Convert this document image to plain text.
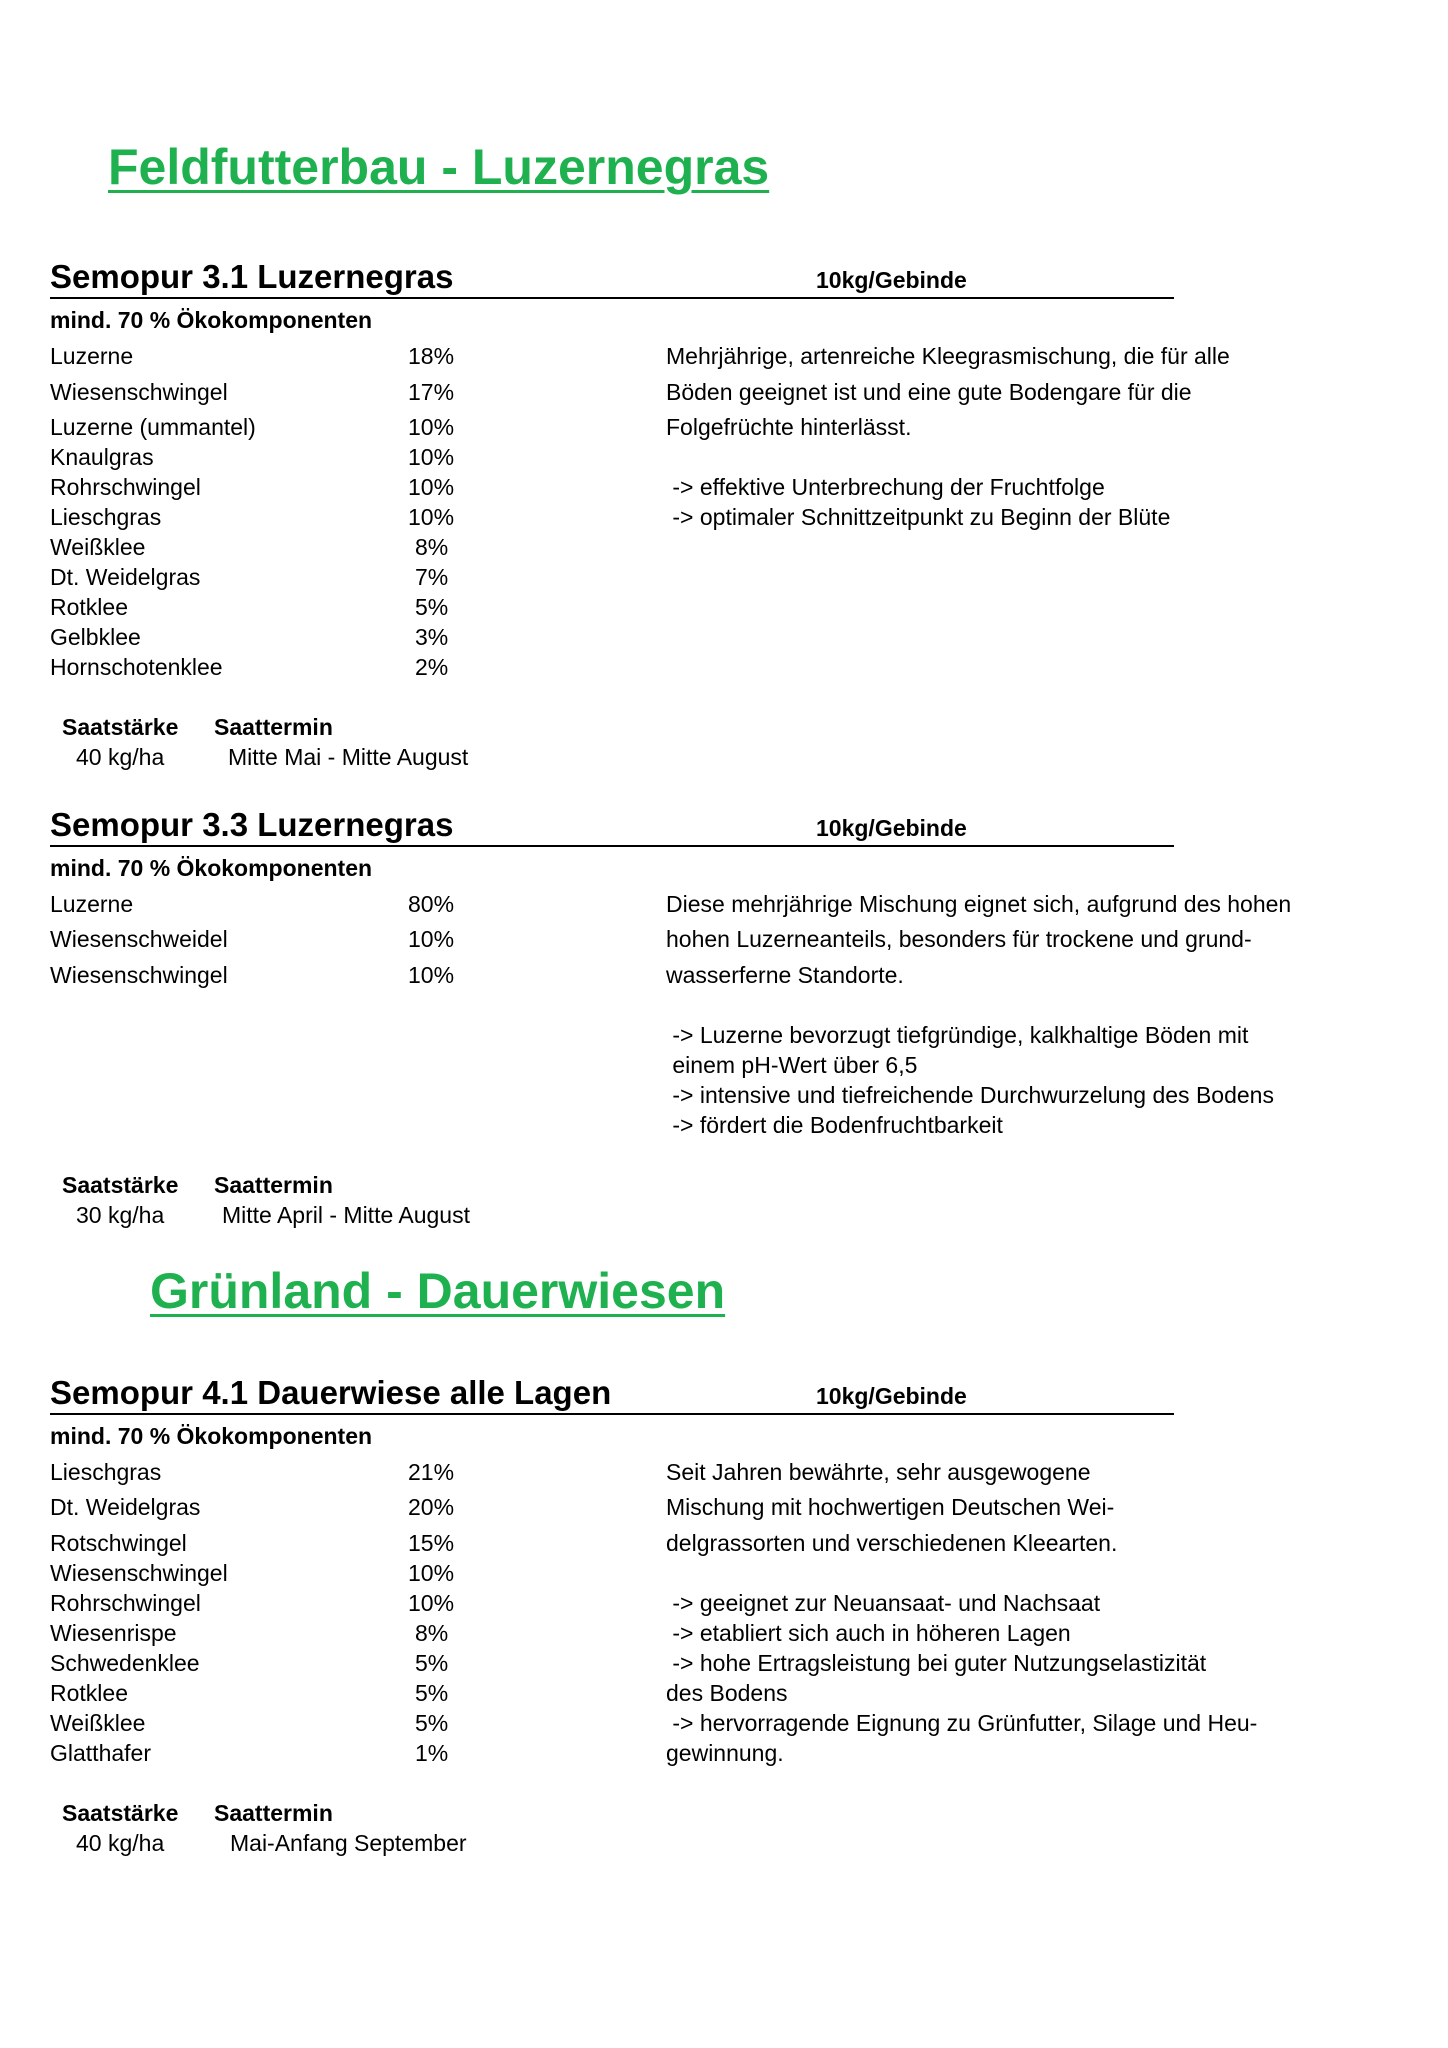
Feldfutterbau - Luzernegras
Semopur 3.1 Luzernegras	10kg/Gebinde
mind. 70 % Ökokomponenten
Luzerne	18%
Wiesenschwingel	17%
Luzerne (ummantel)	10%
Knaulgras	10%
Rohrschwingel	10%
Lieschgras	10%
Weißklee	8%
Dt. Weidelgras	7%
Rotklee	5%
Gelbklee	3%
Hornschotenklee	2%
Mehrjährige, artenreiche Kleegrasmischung, die für alle
Böden geeignet ist und eine gute Bodengare für die
Folgefrüchte hinterlässt.
-> effektive Unterbrechung der Fruchtfolge
-> optimaler Schnittzeitpunkt zu Beginn der Blüte
Saatstärke Saattermin
40 kg/ha	Mitte Mai - Mitte August
Semopur 3.3 Luzernegras	10kg/Gebinde
mind. 70 % Ökokomponenten
Luzerne	80%
Wiesenschweidel	10%
Wiesenschwingel	10%
Diese mehrjährige Mischung eignet sich, aufgrund des hohen
hohen Luzerneanteils, besonders für trockene und grund-
wasserferne Standorte.
-> Luzerne bevorzugt tiefgründige, kalkhaltige Böden mit
einem pH-Wert über 6,5
-> intensive und tiefreichende Durchwurzelung des Bodens
-> fördert die Bodenfruchtbarkeit
Saatstärke Saattermin
30 kg/ha	Mitte April - Mitte August
Grünland - Dauerwiesen
Semopur 4.1 Dauerwiese alle Lagen	10kg/Gebinde
mind. 70 % Ökokomponenten
Lieschgras	21%
Dt. Weidelgras	20%
Rotschwingel	15%
Wiesenschwingel	10%
Rohrschwingel	10%
Wiesenrispe	8%
Schwedenklee	5%
Rotklee	5%
Weißklee	5%
Glatthafer	1%
Seit Jahren bewährte, sehr ausgewogene
Mischung mit hochwertigen Deutschen Wei-
delgrassorten und verschiedenen Kleearten.
-> geeignet zur Neuansaat- und Nachsaat
-> etabliert sich auch in höheren Lagen
-> hohe Ertragsleistung bei guter Nutzungselastizität
des Bodens
-> hervorragende Eignung zu Grünfutter, Silage und Heu-
gewinnung.
Saatstärke Saattermin
40 kg/ha	Mai-Anfang September
